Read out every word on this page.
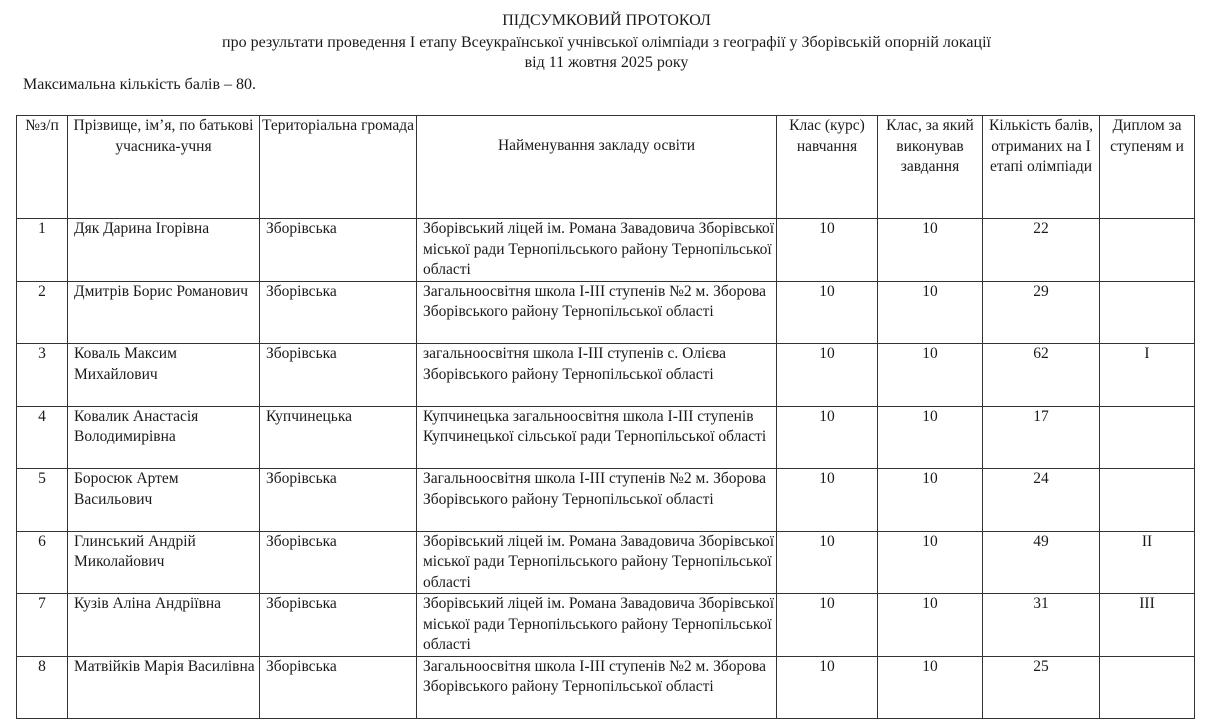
ПІДСУМКОВИЙ ПРОТОКОЛ
про результати проведення І етапу Всеукраїнської учнівської олімпіади з географії у Зборівській опорній локації
від 11 жовтня 2025 року
Максимальна кількість балів – 80.
№з/п	Прізвище, ім’я, по батькові учасника-учня	Територіальна громада	Найменування закладу освіти	Клас (курс) навчання	Клас, за який виконував завдання	Кількість балів, отриманих на І етапі олімпіади	Диплом за ступеням и
1	Дяк Дарина Ігорівна	Зборівська	Зборівський ліцей ім. Романа Завадовича Зборівської міської ради Тернопільського району Тернопільської області	10	10	22	
2	Дмитрів Борис Романович	Зборівська	Загальноосвітня школа І-ІІІ ступенів №2 м. Зборова Зборівського району Тернопільської області	10	10	29	
3	Коваль Максим Михайлович	Зборівська	загальноосвітня школа І-ІІІ ступенів с. Олієва Зборівського району Тернопільської області	10	10	62	І
4	Ковалик Анастасія Володимирівна	Купчинецька	Купчинецька загальноосвітня школа І-ІІІ ступенів Купчинецької сільської ради Тернопільської області	10	10	17	
5	Боросюк Артем Васильович	Зборівська	Загальноосвітня школа І-ІІІ ступенів №2 м. Зборова Зборівського району Тернопільської області	10	10	24	
6	Глинський Андрій Миколайович	Зборівська	Зборівський ліцей ім. Романа Завадовича Зборівської міської ради Тернопільського району Тернопільської області	10	10	49	ІІ
7	Кузів Аліна Андріївна	Зборівська	Зборівський ліцей ім. Романа Завадовича Зборівської міської ради Тернопільського району Тернопільської області	10	10	31	ІІІ
8	Матвійків Марія Василівна	Зборівська	Загальноосвітня школа І-ІІІ ступенів №2 м. Зборова Зборівського району Тернопільської області	10	10	25	
